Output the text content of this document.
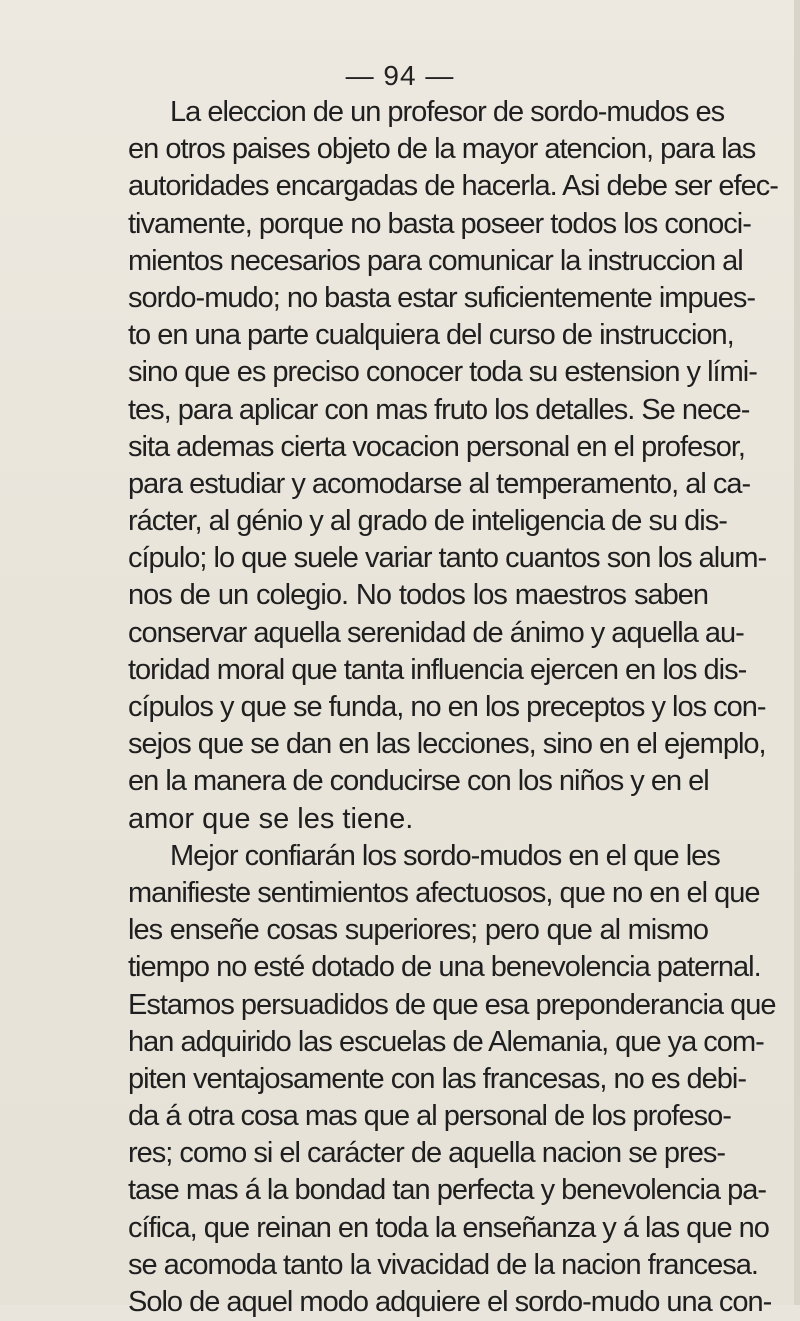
— 94 —
La eleccion de un profesor de sordo-mudos es
en otros paises objeto de la mayor atencion, para las
autoridades encargadas de hacerla. Asi debe ser efec-
tivamente, porque no basta poseer todos los conoci-
mientos necesarios para comunicar la instruccion al
sordo-mudo; no basta estar suficientemente impues-
to en una parte cualquiera del curso de instruccion,
sino que es preciso conocer toda su estension y lími-
tes, para aplicar con mas fruto los detalles. Se nece-
sita ademas cierta vocacion personal en el profesor,
para estudiar y acomodarse al temperamento, al ca-
rácter, al génio y al grado de inteligencia de su dis-
cípulo; lo que suele variar tanto cuantos son los alum-
nos de un colegio. No todos los maestros saben
conservar aquella serenidad de ánimo y aquella au-
toridad moral que tanta influencia ejercen en los dis-
cípulos y que se funda, no en los preceptos y los con-
sejos que se dan en las lecciones, sino en el ejemplo,
en la manera de conducirse con los niños y en el
amor que se les tiene.
Mejor confiarán los sordo-mudos en el que les
manifieste sentimientos afectuosos, que no en el que
les enseñe cosas superiores; pero que al mismo
tiempo no esté dotado de una benevolencia paternal.
Estamos persuadidos de que esa preponderancia que
han adquirido las escuelas de Alemania, que ya com-
piten ventajosamente con las francesas, no es debi-
da á otra cosa mas que al personal de los profeso-
res; como si el carácter de aquella nacion se pres-
tase mas á la bondad tan perfecta y benevolencia pa-
cífica, que reinan en toda la enseñanza y á las que no
se acomoda tanto la vivacidad de la nacion francesa.
Solo de aquel modo adquiere el sordo-mudo una con-
